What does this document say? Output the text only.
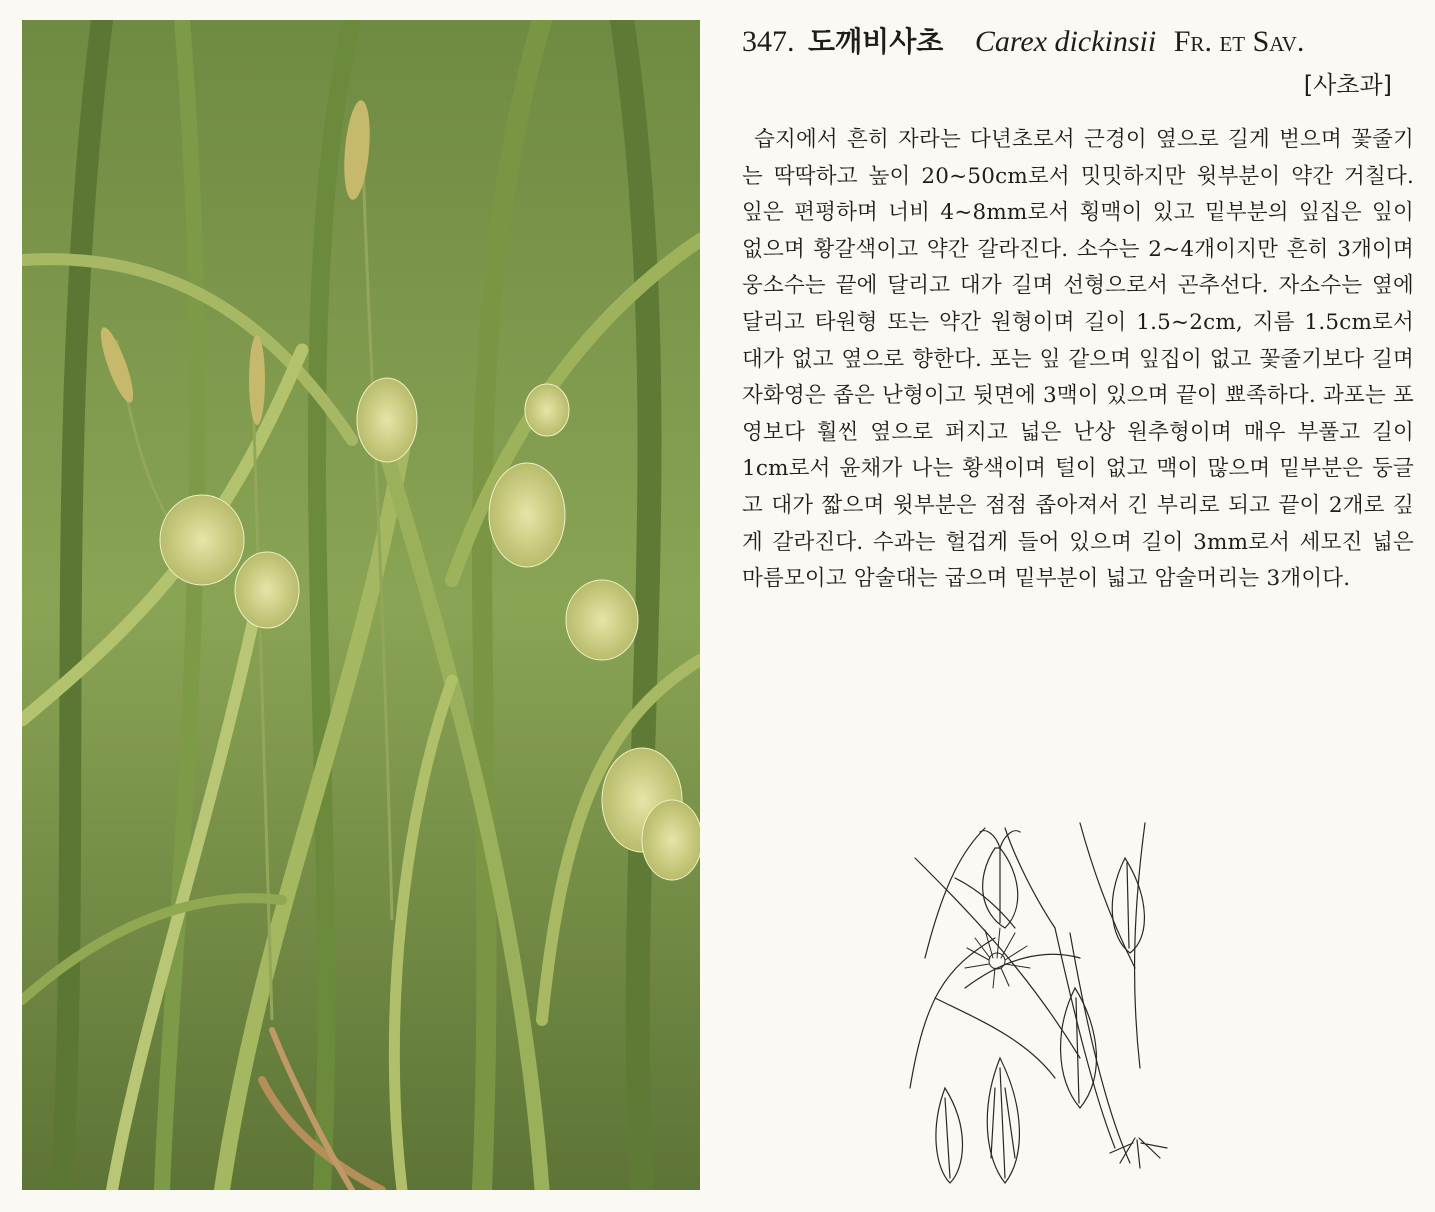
347. 도깨비사초 Carex dickinsii Fr. et Sav.
[사초과]
습지에서 흔히 자라는 다년초로서 근경이 옆으로 길게 벋으며 꽃줄기는 딱딱하고 높이 20~50cm로서 밋밋하지만 윗부분이 약간 거칠다. 잎은 편평하며 너비 4~8mm로서 횡맥이 있고 밑부분의 잎집은 잎이 없으며 황갈색이고 약간 갈라진다. 소수는 2~4개이지만 흔히 3개이며 웅소수는 끝에 달리고 대가 길며 선형으로서 곤추선다. 자소수는 옆에 달리고 타원형 또는 약간 원형이며 길이 1.5~2cm, 지름 1.5cm로서 대가 없고 옆으로 향한다. 포는 잎 같으며 잎집이 없고 꽃줄기보다 길며 자화영은 좁은 난형이고 뒷면에 3맥이 있으며 끝이 뾰족하다. 과포는 포영보다 훨씬 옆으로 퍼지고 넓은 난상 원추형이며 매우 부풀고 길이 1cm로서 윤채가 나는 황색이며 털이 없고 맥이 많으며 밑부분은 둥글고 대가 짧으며 윗부분은 점점 좁아져서 긴 부리로 되고 끝이 2개로 깊게 갈라진다. 수과는 헐겁게 들어 있으며 길이 3mm로서 세모진 넓은 마름모이고 암술대는 굽으며 밑부분이 넓고 암술머리는 3개이다.
